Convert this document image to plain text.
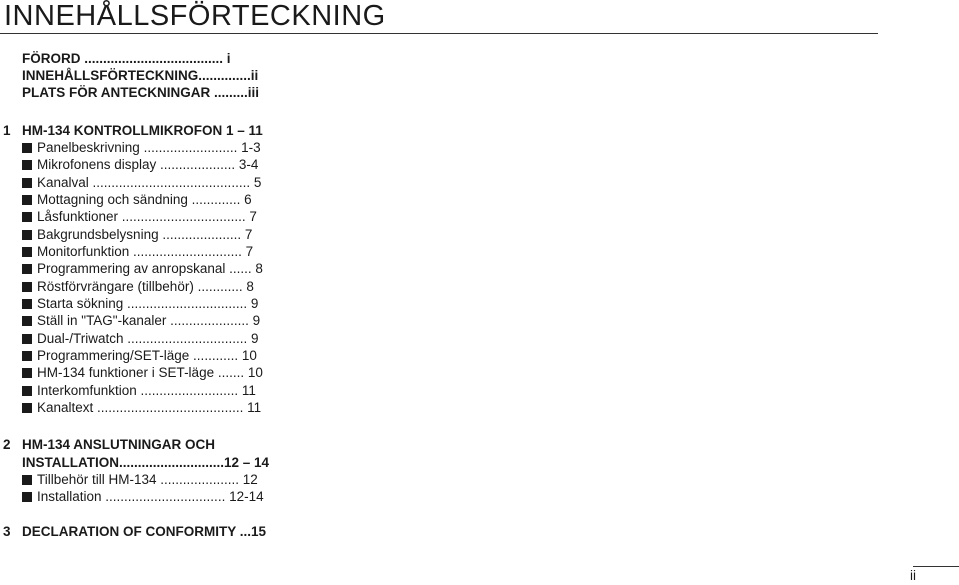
INNEHÅLLSFÖRTECKNING
FÖRORD ..................................... i
INNEHÅLLSFÖRTECKNING..............ii
PLATS FÖR ANTECKNINGAR .........iii
1 HM-134 KONTROLLMIKROFON 1 – 11
Panelbeskrivning ......................... 1-3
Mikrofonens display .................... 3-4
Kanalval .......................................... 5
Mottagning och sändning ............. 6
Låsfunktioner ................................. 7
Bakgrundsbelysning ..................... 7
Monitorfunktion ............................. 7
Programmering av anropskanal ...... 8
Röstförvrängare (tillbehör) ............ 8
Starta sökning ................................ 9
Ställ in "TAG"-kanaler ..................... 9
Dual-/Triwatch ................................ 9
Programmering/SET-läge ............ 10
HM-134 funktioner i SET-läge ....... 10
Interkomfunktion .......................... 11
Kanaltext ....................................... 11
2 HM-134 ANSLUTNINGAR OCH
INSTALLATION............................12 – 14
Tillbehör till HM-134 ..................... 12
Installation ................................ 12-14
3 DECLARATION OF CONFORMITY ...15
ii
